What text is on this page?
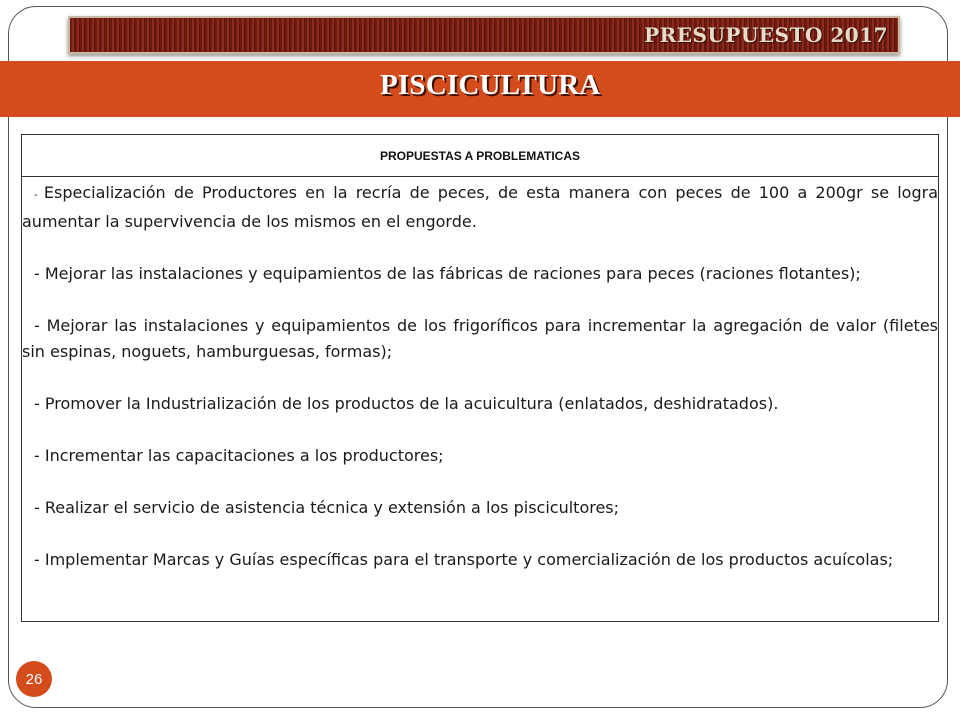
PRESUPUESTO 2017
PISCICULTURA
PROPUESTAS A PROBLEMATICAS

- Especialización de Productores en la recría de peces, de esta manera con peces de 100 a 200gr se logra aumentar la supervivencia de los mismos en el engorde.

- Mejorar las instalaciones y equipamientos de las fábricas de raciones para peces (raciones flotantes);

- Mejorar las instalaciones y equipamientos de los frigoríficos para incrementar la agregación de valor (filetes sin espinas, noguets, hamburguesas, formas);

- Promover la Industrialización de los productos de la acuicultura (enlatados, deshidratados).

- Incrementar las capacitaciones a los productores;

- Realizar el servicio de asistencia técnica y extensión a los piscicultores;

- Implementar Marcas y Guías específicas para el transporte y comercialización de los productos acuícolas;

26
